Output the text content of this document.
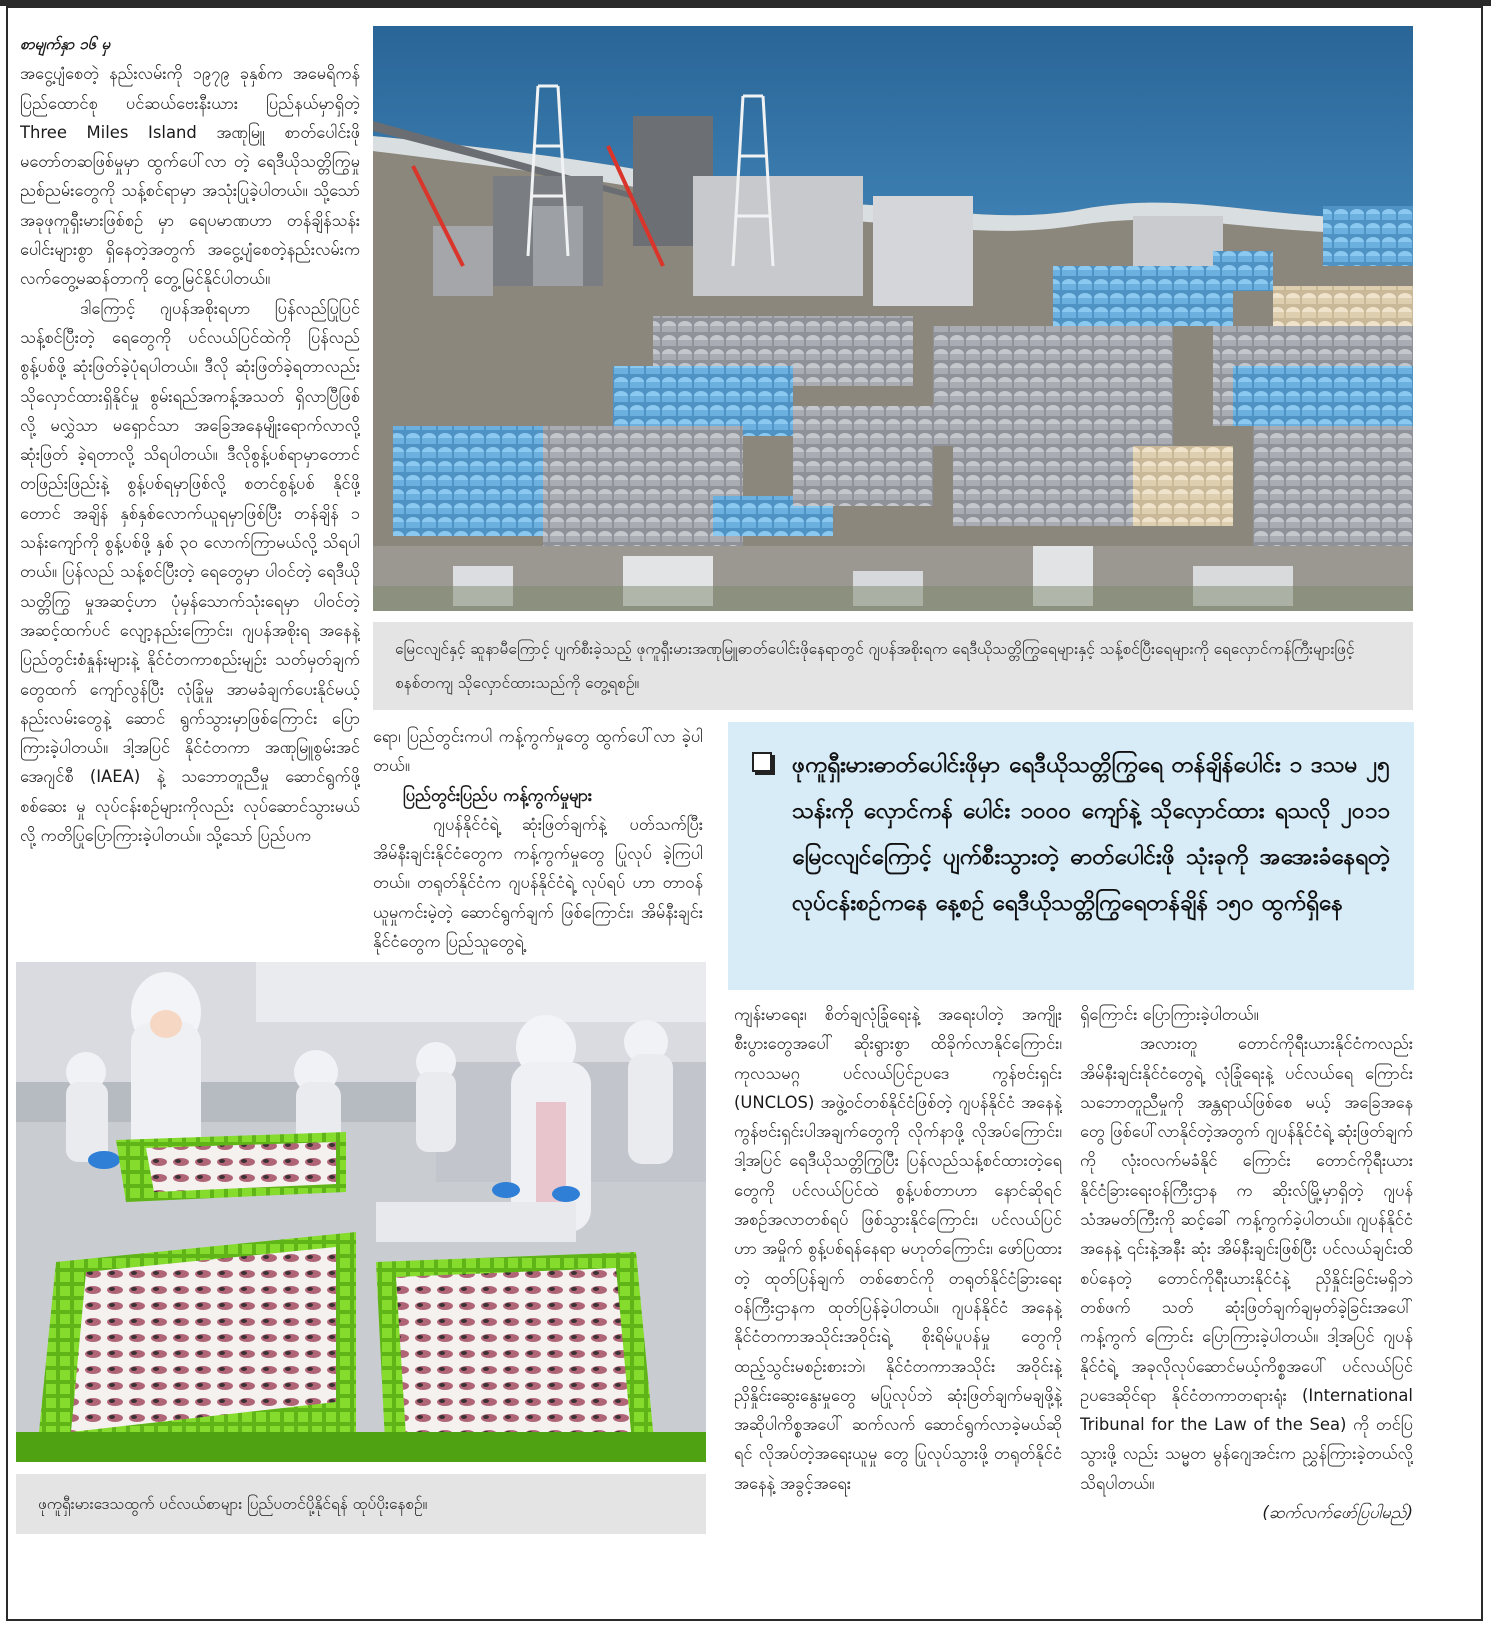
စာမျက်နှာ ၁၆ မှ

အငွေ့ပျံစေတဲ့ နည်းလမ်းကို ၁၉၇၉ ခုနှစ်က အမေရိကန်ပြည်ထောင်စု ပင်ဆယ်ဗေးနီးယား ပြည်နယ်မှာရှိတဲ့ Three Miles Island အဏုမြူ စာတ်ပေါင်းဖို မတော်တဆဖြစ်မှုမှာ ထွက်ပေါ်လာ တဲ့ ရေဒီယိုသတ္တိကြွမှုညစ်ညမ်းတွေကို သန့်စင်ရာမှာ အသုံးပြုခဲ့ပါတယ်။ သို့သော် အခုဖုကူရှီးမားဖြစ်စဉ် မှာ ရေပမာဏဟာ တန်ချိန်သန်းပေါင်းများစွာ ရှိနေတဲ့အတွက် အငွေ့ပျံစေတဲ့နည်းလမ်းက လက်တွေ့မဆန်တာကို တွေ့မြင်နိုင်ပါတယ်။

ဒါကြောင့် ဂျပန်အစိုးရဟာ ပြန်လည်ပြုပြင် သန့်စင်ပြီးတဲ့ ရေတွေကို ပင်လယ်ပြင်ထဲကို ပြန်လည်စွန့်ပစ်ဖို့ ဆုံးဖြတ်ခဲ့ပုံရပါတယ်။ ဒီလို ဆုံးဖြတ်ခဲ့ရတာလည်း သိုလှောင်ထားရှိနိုင်မှု စွမ်းရည်အကန့်အသတ် ရှိလာပြီဖြစ်လို့ မလွှဲသာ မရှောင်သာ အခြေအနေမျိုးရောက်လာလို့ ဆုံးဖြတ် ခဲ့ရတာလို့ သိရပါတယ်။ ဒီလိုစွန့်ပစ်ရာမှာတောင် တဖြည်းဖြည်းနဲ့ စွန့်ပစ်ရမှာဖြစ်လို့ စတင်စွန့်ပစ် နိုင်ဖို့တောင် အချိန် နှစ်နှစ်လောက်ယူရမှာဖြစ်ပြီး တန်ချိန် ၁ သန်းကျော်ကို စွန့်ပစ်ဖို့ နှစ် ၃၀ လောက်ကြာမယ်လို့ သိရပါတယ်။ ပြန်လည် သန့်စင်ပြီးတဲ့ ရေတွေမှာ ပါဝင်တဲ့ ရေဒီယိုသတ္တိကြွ မှုအဆင့်ဟာ ပုံမှန်သောက်သုံးရေမှာ ပါဝင်တဲ့ အဆင့်ထက်ပင် လျော့နည်းကြောင်း၊ ဂျပန်အစိုးရ အနေနဲ့ ပြည်တွင်းစံနှုန်းများနဲ့ နိုင်ငံတကာစည်းမျဉ်း သတ်မှတ်ချက်တွေထက် ကျော်လွန်ပြီး လုံခြုံမှု အာမခံချက်ပေးနိုင်မယ့် နည်းလမ်းတွေနဲ့ ဆောင် ရွက်သွားမှာဖြစ်ကြောင်း ပြောကြားခဲ့ပါတယ်။ ဒါ့အပြင် နိုင်ငံတကာ အဏုမြူစွမ်းအင်အေဂျင်စီ (IAEA) နဲ့ သဘောတူညီမှု ဆောင်ရွက်ဖို့စစ်ဆေး မှု လုပ်ငန်းစဉ်များကိုလည်း လုပ်ဆောင်သွားမယ်လို့ ကတိပြုပြောကြားခဲ့ပါတယ်။ သို့သော် ပြည်ပက

မြေငလျင်နှင့် ဆူနာမီကြောင့် ပျက်စီးခဲ့သည့် ဖုကူရှီးမားအဏုမြူဓာတ်ပေါင်းဖိုနေရာတွင် ဂျပန်အစိုးရက ရေဒီယိုသတ္တိကြွရေများနှင့် သန့်စင်ပြီးရေများကို ရေလှောင်ကန်ကြီးများဖြင့် စနစ်တကျ သိုလှောင်ထားသည်ကို တွေ့ရစဉ်။

ရော၊ ပြည်တွင်းကပါ ကန့်ကွက်မှုတွေ ထွက်ပေါ်လာ ခဲ့ပါတယ်။

ပြည်တွင်းပြည်ပ ကန့်ကွက်မှုများ

ဂျပန်နိုင်ငံရဲ့ ဆုံးဖြတ်ချက်နဲ့ ပတ်သက်ပြီး အိမ်နီးချင်းနိုင်ငံတွေက ကန့်ကွက်မှုတွေ ပြုလုပ် ခဲ့ကြပါတယ်။ တရုတ်နိုင်ငံက ဂျပန်နိုင်ငံရဲ့ လုပ်ရပ် ဟာ တာဝန်ယူမှုကင်းမဲ့တဲ့ ဆောင်ရွက်ချက် ဖြစ်ကြောင်း၊ အိမ်နီးချင်းနိုင်ငံတွေက ပြည်သူတွေရဲ့

ဖုကူရှီးမားဓာတ်ပေါင်းဖိုမှာ ရေဒီယိုသတ္တိကြွရေ တန်ချိန်ပေါင်း ၁ ဒသမ ၂၅ သန်းကို လှောင်ကန် ပေါင်း ၁၀၀၀ ကျော်နဲ့ သိုလှောင်ထား ရသလို ၂၀၁၁ မြေငလျင်ကြောင့် ပျက်စီးသွားတဲ့ ဓာတ်ပေါင်းဖို သုံးခုကို အအေးခံနေရတဲ့လုပ်ငန်းစဉ်ကနေ နေ့စဉ် ရေဒီယိုသတ္တိကြွရေတန်ချိန် ၁၅၀ ထွက်ရှိနေ
ဖုကူရှီးမားဒေသထွက် ပင်လယ်စာများ ပြည်ပတင်ပို့နိုင်ရန် ထုပ်ပိုးနေစဉ်။

ကျန်းမာရေး၊ စိတ်ချလုံခြုံရေးနဲ့ အရေးပါတဲ့ အကျိုး စီးပွားတွေအပေါ် ဆိုးရွားစွာ ထိခိုက်လာနိုင်ကြောင်း၊ ကုလသမဂ္ဂ ပင်လယ်ပြင်ဥပဒေ ကွန်ဗင်းရှင်း (UNCLOS) အဖွဲ့ဝင်တစ်နိုင်ငံဖြစ်တဲ့ ဂျပန်နိုင်ငံ အနေနဲ့ ကွန်ဗင်းရှင်းပါအချက်တွေကို လိုက်နာဖို့ လိုအပ်ကြောင်း၊ ဒါ့အပြင် ရေဒီယိုသတ္တိကြွပြီး ပြန်လည်သန့်စင်ထားတဲ့ရေတွေကို ပင်လယ်ပြင်ထဲ စွန့်ပစ်တာဟာ နောင်ဆိုရင် အစဉ်အလာတစ်ရပ် ဖြစ်သွားနိုင်ကြောင်း၊ ပင်လယ်ပြင်ဟာ အမှိုက် စွန့်ပစ်ရန်နေရာ မဟုတ်ကြောင်း၊ ဖော်ပြထားတဲ့ ထုတ်ပြန်ချက် တစ်စောင်ကို တရုတ်နိုင်ငံခြားရေး ဝန်ကြီးဌာနက ထုတ်ပြန်ခဲ့ပါတယ်။ ဂျပန်နိုင်ငံ အနေနဲ့ နိုင်ငံတကာအသိုင်းအဝိုင်းရဲ့ စိုးရိမ်ပူပန်မှု တွေကို ထည့်သွင်းမစဉ်းစားဘဲ၊ နိုင်ငံတကာအသိုင်း အဝိုင်းနဲ့ ညှိနှိုင်းဆွေးနွေးမှုတွေ မပြုလုပ်ဘဲ ဆုံးဖြတ်ချက်မချဖို့နဲ့ အဆိုပါကိစ္စအပေါ် ဆက်လက် ဆောင်ရွက်လာခဲ့မယ်ဆိုရင် လိုအပ်တဲ့အရေးယူမှု တွေ ပြုလုပ်သွားဖို့ တရုတ်နိုင်ငံအနေနဲ့ အခွင့်အရေး

ရှိကြောင်း ပြောကြားခဲ့ပါတယ်။

အလားတူ တောင်ကိုရီးယားနိုင်ငံကလည်း အိမ်နီးချင်းနိုင်ငံတွေရဲ့ လုံခြုံရေးနဲ့ ပင်လယ်ရေ ကြောင်း သဘောတူညီမှုကို အန္တရာယ်ဖြစ်စေ မယ့် အခြေအနေတွေ ဖြစ်ပေါ်လာနိုင်တဲ့အတွက် ဂျပန်နိုင်ငံရဲ့ ဆုံးဖြတ်ချက်ကို လုံးဝလက်မခံနိုင် ကြောင်း တောင်ကိုရီးယားနိုင်ငံခြားရေးဝန်ကြီးဌာန က ဆိုးလ်မြို့မှာရှိတဲ့ ဂျပန်သံအမတ်ကြီးကို ဆင့်ခေါ် ကန့်ကွက်ခဲ့ပါတယ်။ ဂျပန်နိုင်ငံအနေနဲ့ ၎င်းနဲ့အနီး ဆုံး အိမ်နီးချင်းဖြစ်ပြီး ပင်လယ်ချင်းထိစပ်နေတဲ့ တောင်ကိုရီးယားနိုင်ငံနဲ့ ညှိနှိုင်းခြင်းမရှိဘဲ တစ်ဖက် သတ် ဆုံးဖြတ်ချက်ချမှတ်ခဲ့ခြင်းအပေါ် ကန့်ကွက် ကြောင်း ပြောကြားခဲ့ပါတယ်။ ဒါ့အပြင် ဂျပန်နိုင်ငံရဲ့ အခုလိုလုပ်ဆောင်မယ့်ကိစ္စအပေါ် ပင်လယ်ပြင် ဥပဒေဆိုင်ရာ နိုင်ငံတကာတရားရုံး (International Tribunal for the Law of the Sea) ကို တင်ပြသွားဖို့ လည်း သမ္မတ မွန်ဂျေအင်းက ညွှန်ကြားခဲ့တယ်လို့ သိရပါတယ်။

(ဆက်လက်ဖော်ပြပါမည်)
